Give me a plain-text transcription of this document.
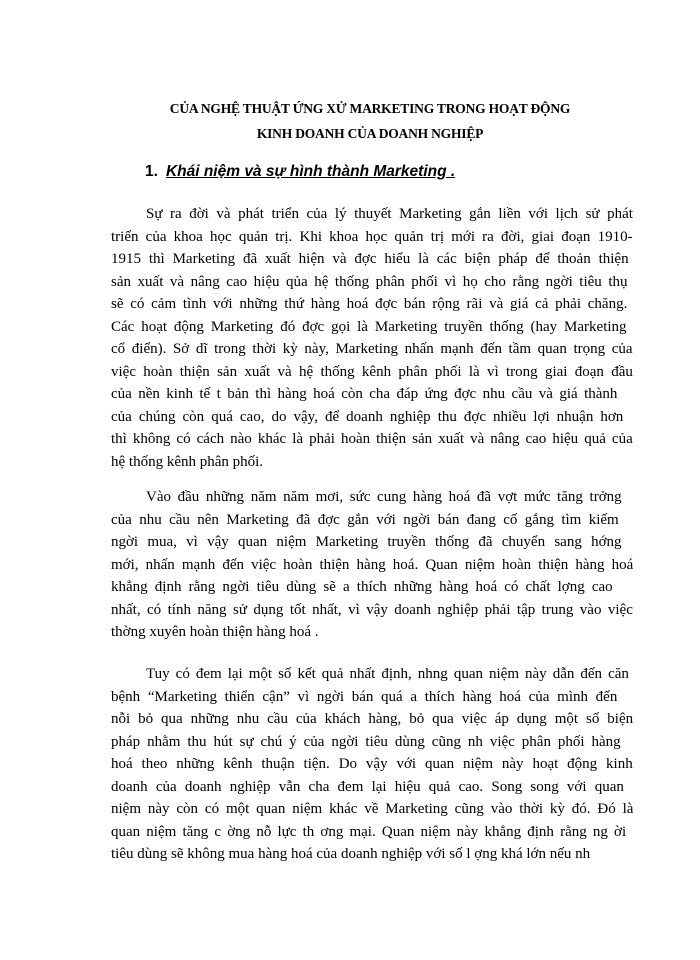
CỦA NGHỆ THUẬT ỨNG XỬ MARKETING TRONG HOẠT ĐỘNG
KINH DOANH CỦA DOANH NGHIỆP
1. Khái niệm và sự hình thành Marketing .
Sự ra đời và phát triển của lý thuyết Marketing gắn liền với lịch sử phát
triển của khoa học quản trị. Khi khoa học quản trị mới ra đời, giai đoạn 1910-
1915 thì Marketing đã xuất hiện và đợc hiểu là các biện pháp để thoản thiện
sản xuất và nâng cao hiệu qủa hệ thống phân phối vì họ cho rằng ngời tiêu thụ
sẽ có cảm tình với những thứ hàng hoá đợc bán rộng rãi và giá cả phải chăng.
Các hoạt động Marketing đó đợc gọi là Marketing truyền thống (hay Marketing
cổ điển). Sở dĩ trong thời kỳ này, Marketing nhấn mạnh đến tầm quan trọng của
việc hoàn thiện sản xuất và hệ thống kênh phân phối là vì trong giai đoạn đầu
của nền kinh tế t bản thì hàng hoá còn cha đáp ứng đợc nhu cầu và giá thành
của chúng còn quá cao, do vậy, để doanh nghiệp thu đợc nhiều lợi nhuận hơn
thì không có cách nào khác là phải hoàn thiện sản xuất và nâng cao hiệu quả của
hệ thống kênh phân phối.
Vào đầu những năm năm mơi, sức cung hàng hoá đã vợt mức tăng trởng
của nhu cầu nên Marketing đã đợc gắn với ngời bán đang cố gắng tìm kiếm
ngời mua, vì vậy quan niệm Marketing truyền thống đã chuyển sang hớng
mới, nhấn mạnh đến việc hoàn thiện hàng hoá. Quan niệm hoàn thiện hàng hoá
khẳng định rằng ngời tiêu dùng sẽ a thích những hàng hoá có chất lợng cao
nhất, có tính năng sử dụng tốt nhất, vì vậy doanh nghiệp phải tập trung vào việc
thờng xuyên hoàn thiện hàng hoá .
Tuy có đem lại một số kết quả nhất định, nhng quan niệm này dẫn đến căn
bệnh “Marketing thiển cận” vì ngời bán quá a thích hàng hoá của mình đến
nỗi bỏ qua những nhu cầu của khách hàng, bỏ qua việc áp dụng một số biện
pháp nhằm thu hút sự chú ý của ngời tiêu dùng cũng nh việc phân phối hàng
hoá theo những kênh thuận tiện. Do vậy với quan niệm này hoạt động kinh
doanh của doanh nghiệp vẫn cha đem lại hiệu quả cao. Song song với quan
niệm này còn có một quan niệm khác về Marketing cũng vào thời kỳ đó. Đó là
quan niệm tăng c ờng nỗ lực th ơng mại. Quan niệm này khẳng định rằng ng ời
tiêu dùng sẽ không mua hàng hoá của doanh nghiệp với số l ợng khá lớn nếu nh
